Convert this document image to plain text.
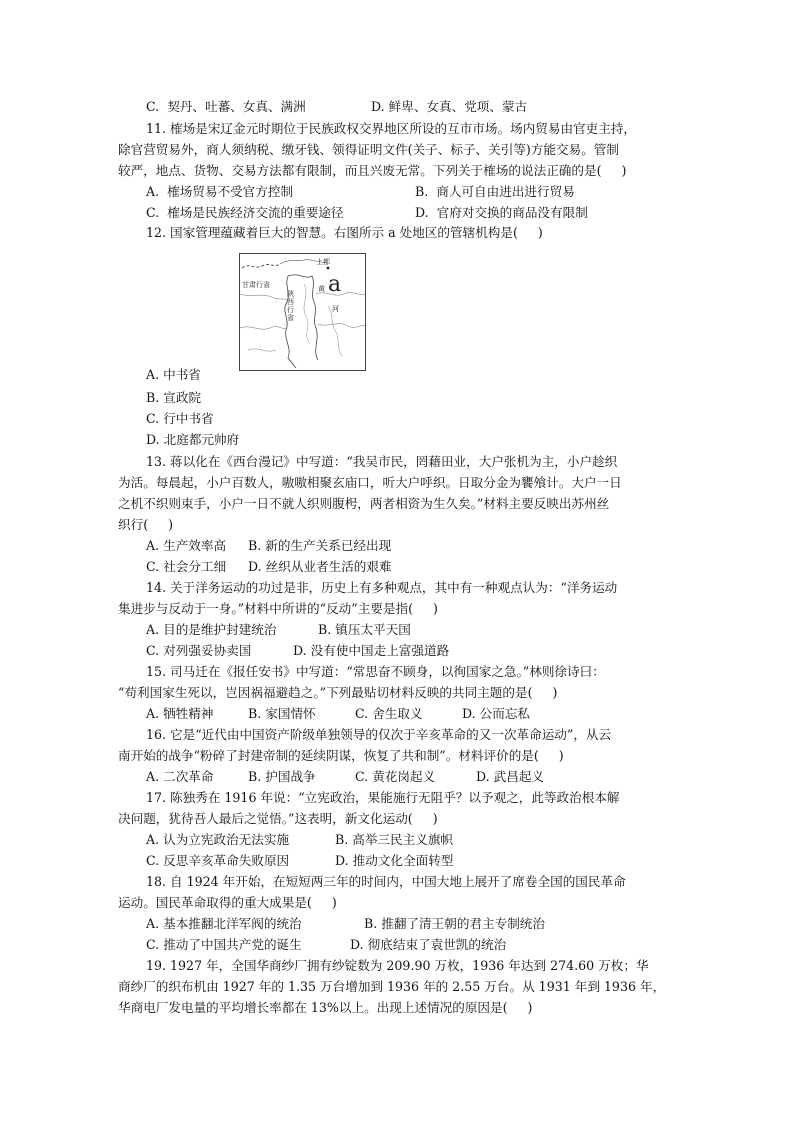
C.  契丹、吐蕃、女真、满洲	D. 鲜卑、女真、党项、蒙古
11. 榷场是宋辽金元时期位于民族政权交界地区所设的互市市场。场内贸易由官吏主持，
除官营贸易外，商人须纳税、缴牙钱、领得证明文件(关子、标子、关引等)方能交易。管制
较严，地点、货物、交易方法都有限制，而且兴废无常。下列关于榷场的说法正确的是(     )
A.  榷场贸易不受官方控制	B.  商人可自由进出进行贸易
C.  榷场是民族经济交流的重要途径	D.  官府对交换的商品没有限制
12. 国家管理蕴藏着巨大的智慧。右图所示 a 处地区的管辖机构是(     )
甘肃行省
陕西行省
上都
a
黄
河
A. 中书省
B. 宣政院
C. 行中书省
D. 北庭都元帅府
13. 蒋以化在《西台漫记》中写道：“我吴市民，罔藉田业，大户张机为主，小户趁织
为活。每晨起，小户百数人，嗷嗷相聚玄庙口，听大户呼织。日取分金为饔飧计。大户一日
之机不织则束手，小户一日不就人织则腹枵，两者相资为生久矣。”材料主要反映出苏州丝
织行(     )
A. 生产效率高 B. 新的生产关系已经出现
C. 社会分工细 D. 丝织从业者生活的艰难
14. 关于洋务运动的功过是非，历史上有多种观点，其中有一种观点认为：“洋务运动
集进步与反动于一身。”材料中所讲的“反动”主要是指(     )
A. 目的是维护封建统治	B. 镇压太平天国
C. 对列强妥协卖国	D. 没有使中国走上富强道路
15. 司马迁在《报任安书》中写道：“常思奋不顾身，以徇国家之急。”林则徐诗曰：
“苟利国家生死以，岂因祸福避趋之。”下列最贴切材料反映的共同主题的是(     )
A. 牺牲精神	B. 家国情怀	C. 舍生取义	D. 公而忘私
16. 它是“近代由中国资产阶级单独领导的仅次于辛亥革命的又一次革命运动”，从云
南开始的战争“粉碎了封建帝制的延续阴谋，恢复了共和制”。材料评价的是(     )
A. 二次革命	B. 护国战争	C. 黄花岗起义	D. 武昌起义
17. 陈独秀在 1916 年说：“立宪政治，果能施行无阻乎？以予观之，此等政治根本解
决问题，犹待吾人最后之觉悟。”这表明，新文化运动(     )
A. 认为立宪政治无法实施	B. 高举三民主义旗帜
C. 反思辛亥革命失败原因	D. 推动文化全面转型
18. 自 1924 年开始，在短短两三年的时间内，中国大地上展开了席卷全国的国民革命
运动。国民革命取得的重大成果是(     )
A. 基本推翻北洋军阀的统治	B. 推翻了清王朝的君主专制统治
C. 推动了中国共产党的诞生	D. 彻底结束了袁世凯的统治
19. 1927 年，全国华商纱厂拥有纱锭数为 209.90 万枚，1936 年达到 274.60 万枚；华
商纱厂的织布机由 1927 年的 1.35 万台增加到 1936 年的 2.55 万台。从 1931 年到 1936 年，
华商电厂发电量的平均增长率都在 13%以上。出现上述情况的原因是(     )
